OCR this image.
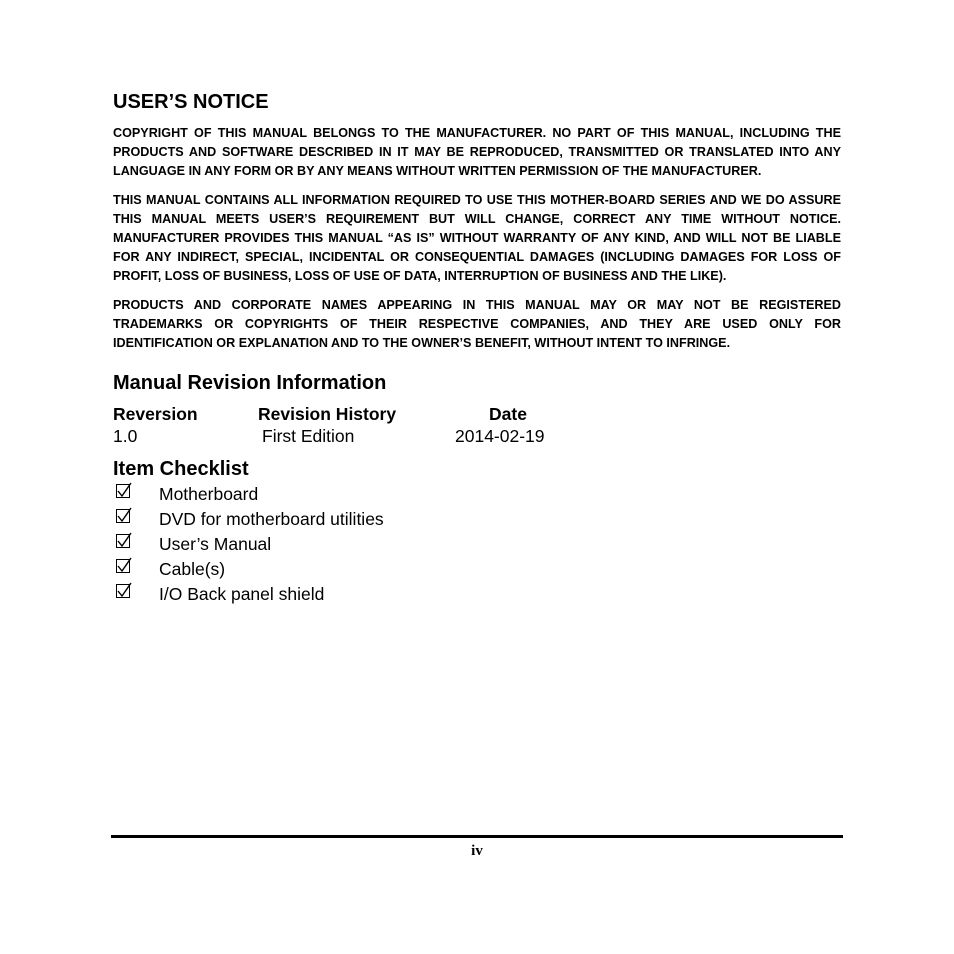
USER’S NOTICE

COPYRIGHT OF THIS MANUAL BELONGS TO THE MANUFACTURER. NO PART OF THIS MANUAL, INCLUDING THE PRODUCTS AND SOFTWARE DESCRIBED IN IT MAY BE REPRODUCED, TRANSMITTED OR TRANSLATED INTO ANY LANGUAGE IN ANY FORM OR BY ANY MEANS WITHOUT WRITTEN PERMISSION OF THE MANUFACTURER.

THIS MANUAL CONTAINS ALL INFORMATION REQUIRED TO USE THIS MOTHER-BOARD SERIES AND WE DO ASSURE THIS MANUAL MEETS USER’S REQUIREMENT BUT WILL CHANGE, CORRECT ANY TIME WITHOUT NOTICE. MANUFACTURER PROVIDES THIS MANUAL “AS IS” WITHOUT WARRANTY OF ANY KIND, AND WILL NOT BE LIABLE FOR ANY INDIRECT, SPECIAL, INCIDENTAL OR CONSEQUENTIAL DAMAGES (INCLUDING DAMAGES FOR LOSS OF PROFIT, LOSS OF BUSINESS, LOSS OF USE OF DATA, INTERRUPTION OF BUSINESS AND THE LIKE).

PRODUCTS AND CORPORATE NAMES APPEARING IN THIS MANUAL MAY OR MAY NOT BE REGISTERED TRADEMARKS OR COPYRIGHTS OF THEIR RESPECTIVE COMPANIES, AND THEY ARE USED ONLY FOR IDENTIFICATION OR EXPLANATION AND TO THE OWNER’S BENEFIT, WITHOUT INTENT TO INFRINGE.

Manual Revision Information
Reversion	Revision History	Date
1.0	First Edition	2014-02-19
Item Checklist
Motherboard
DVD for motherboard utilities
User’s Manual
Cable(s)
I/O Back panel shield
iv
